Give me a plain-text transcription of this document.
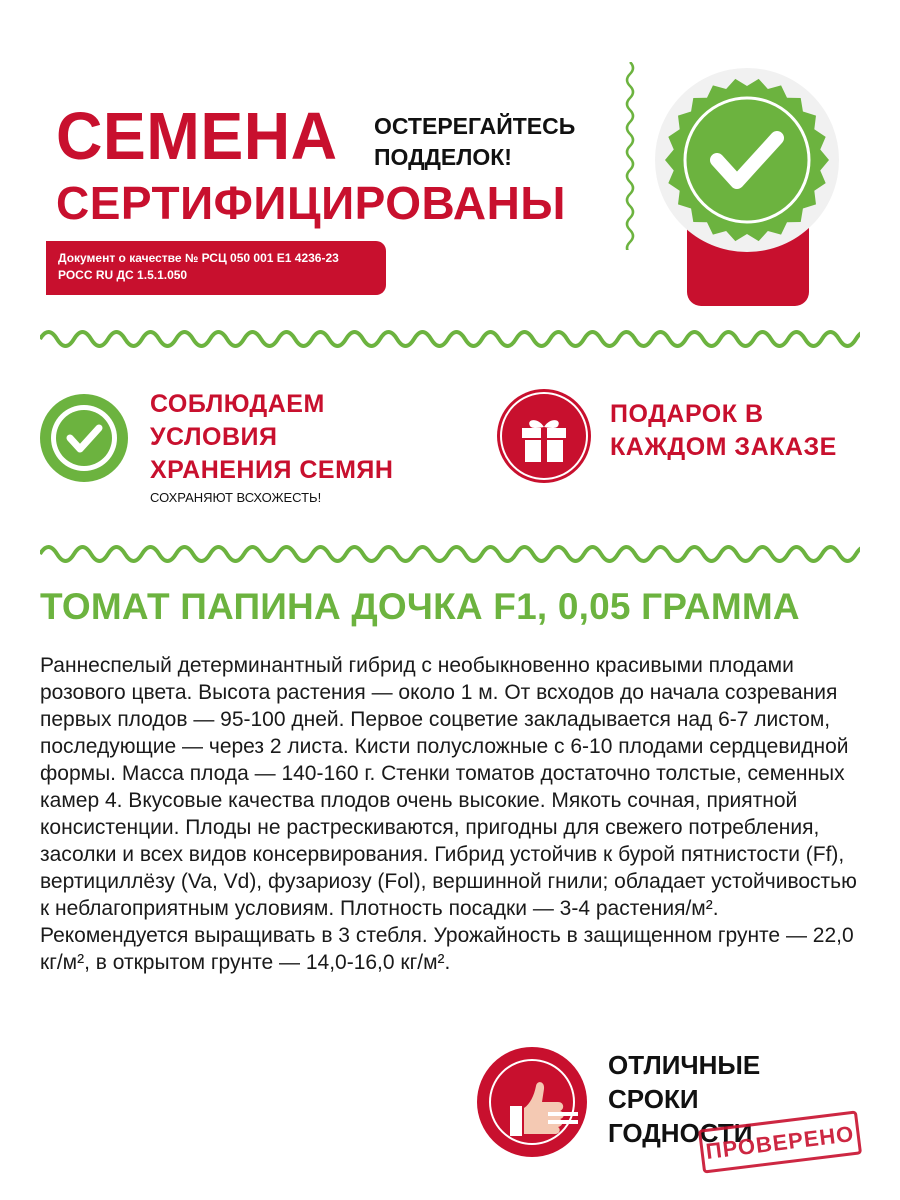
СЕМЕНА
СЕРТИФИЦИРОВАНЫ
ОСТЕРЕГАЙТЕСЬ
ПОДДЕЛОК!
Документ о качестве № РСЦ 050 001 Е1 4236-23
РОСС RU ДС 1.5.1.050
СОБЛЮДАЕМ
УСЛОВИЯ
ХРАНЕНИЯ СЕМЯН
СОХРАНЯЮТ ВСХОЖЕСТЬ!
ПОДАРОК В
КАЖДОМ ЗАКАЗЕ
ТОМАТ ПАПИНА ДОЧКА F1, 0,05 ГРАММА
Раннеспелый детерминантный гибрид с необыкновенно красивыми плодами розового цвета. Высота растения — около 1 м. От всходов до начала созревания первых плодов — 95-100 дней. Первое соцветие закладывается над 6-7 листом, последующие — через 2 листа. Кисти полусложные с 6-10 плодами сердцевидной формы. Масса плода — 140-160 г. Стенки томатов достаточно толстые, семенных камер 4. Вкусовые качества плодов очень высокие. Мякоть сочная, приятной консистенции. Плоды не растрескиваются, пригодны для свежего потребления, засолки и всех видов консервирования. Гибрид устойчив к бурой пятнистости (Ff), вертициллёзу (Va, Vd), фузариозу (Fol), вершинной гнили; обладает устойчивостью к неблагоприятным условиям. Плотность посадки — 3-4 растения/м². Рекомендуется выращивать в 3 стебля. Урожайность в защищенном грунте — 22,0 кг/м², в открытом грунте — 14,0-16,0 кг/м².
ОТЛИЧНЫЕ
СРОКИ
ГОДНОСТИ
ПРОВЕРЕНО
